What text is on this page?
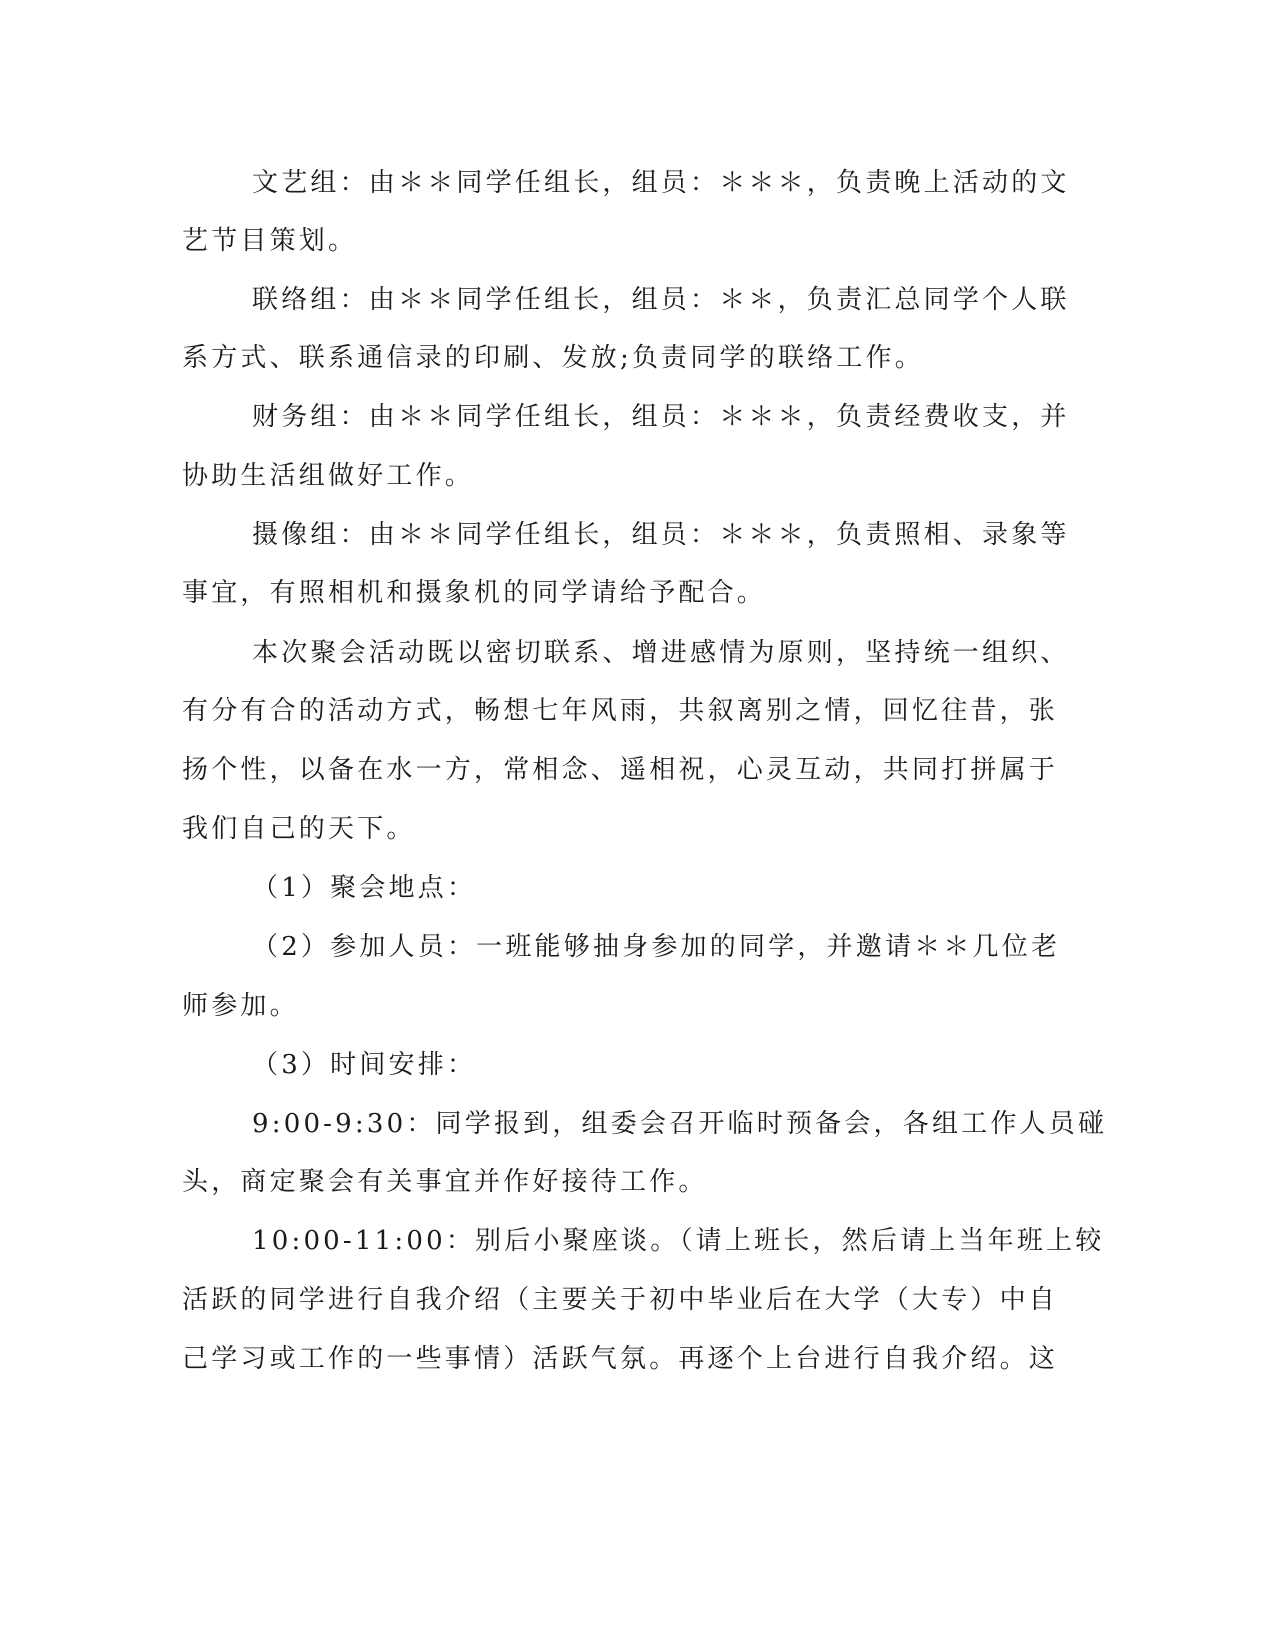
文艺组：由＊＊同学任组长，组员：＊＊＊，负责晚上活动的文

艺节目策划。

联络组：由＊＊同学任组长，组员：＊＊，负责汇总同学个人联

系方式、联系通信录的印刷、发放;负责同学的联络工作。

财务组：由＊＊同学任组长，组员：＊＊＊，负责经费收支，并

协助生活组做好工作。

摄像组：由＊＊同学任组长，组员：＊＊＊，负责照相、录象等

事宜，有照相机和摄象机的同学请给予配合。

本次聚会活动既以密切联系、增进感情为原则，坚持统一组织、

有分有合的活动方式，畅想七年风雨，共叙离别之情，回忆往昔，张

扬个性，以备在水一方，常相念、遥相祝，心灵互动，共同打拼属于

我们自己的天下。

（1）聚会地点：

（2）参加人员：一班能够抽身参加的同学，并邀请＊＊几位老

师参加。

（3）时间安排：

9:00-9:30：同学报到，组委会召开临时预备会，各组工作人员碰

头，商定聚会有关事宜并作好接待工作。

10:00-11:00：别后小聚座谈。（请上班长，然后请上当年班上较

活跃的同学进行自我介绍（主要关于初中毕业后在大学（大专）中自

己学习或工作的一些事情）活跃气氛。再逐个上台进行自我介绍。这
